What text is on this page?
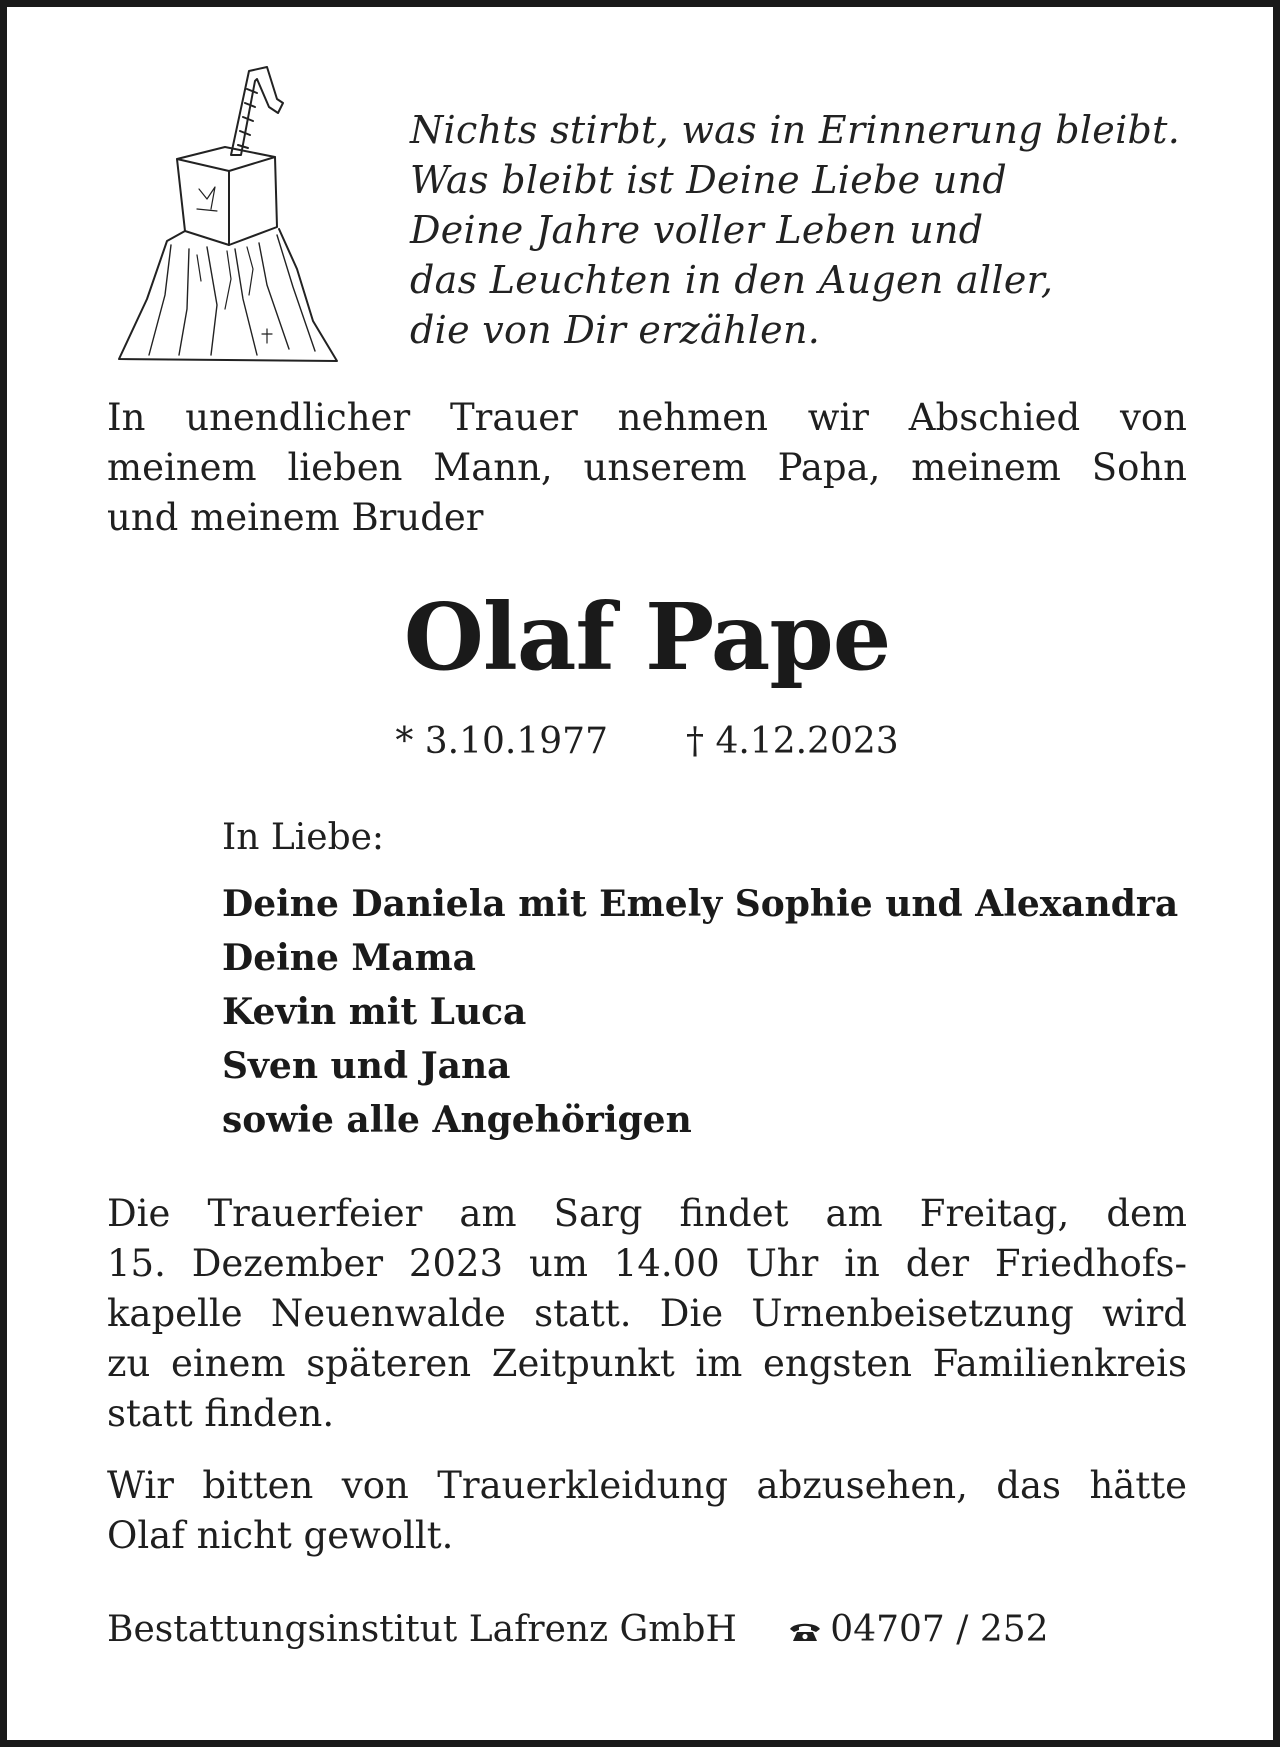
Nichts stirbt, was in Erinnerung bleibt.
Was bleibt ist Deine Liebe und
Deine Jahre voller Leben und
das Leuchten in den Augen aller,
die von Dir erzählen.
In unendlicher Trauer nehmen wir Abschied von
meinem lieben Mann, unserem Papa, meinem Sohn
und meinem Bruder
Olaf Pape
* 3.10.1977 † 4.12.2023
In Liebe:
Deine Daniela mit Emely Sophie und Alexandra
Deine Mama
Kevin mit Luca
Sven und Jana
sowie alle Angehörigen
Die Trauerfeier am Sarg findet am Freitag, dem
15. Dezember 2023 um 14.00 Uhr in der Friedhofs-
kapelle Neuenwalde statt. Die Urnenbeisetzung wird
zu einem späteren Zeitpunkt im engsten Familienkreis
statt finden.
Wir bitten von Trauerkleidung abzusehen, das hätte
Olaf nicht gewollt.
Bestattungsinstitut Lafrenz GmbH	04707 / 252
